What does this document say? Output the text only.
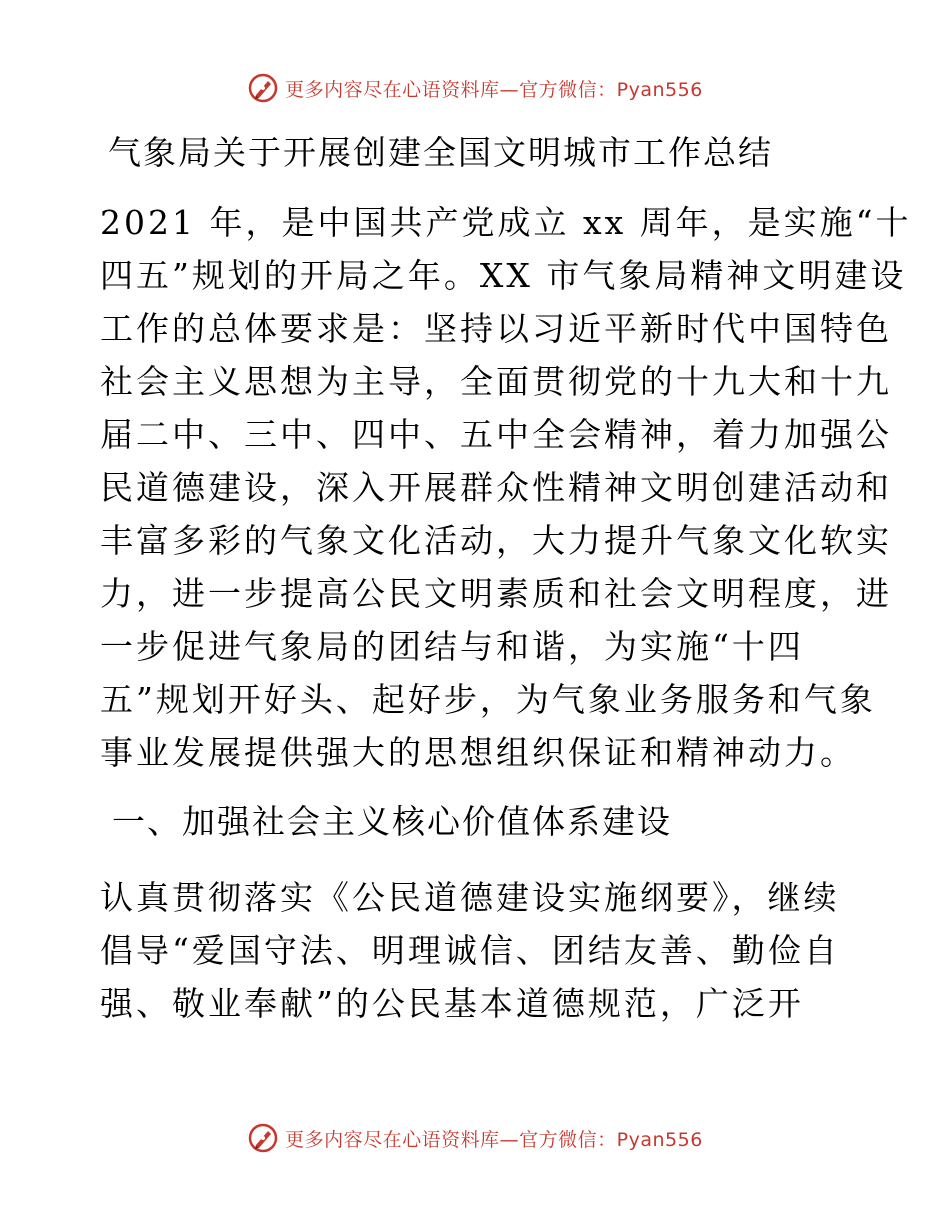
更多内容尽在心语资料库—官方微信：Pyan556
气象局关于开展创建全国文明城市工作总结

2021 年，是中国共产党成立 xx 周年，是实施“十
四五”规划的开局之年。XX 市气象局精神文明建设
工作的总体要求是：坚持以习近平新时代中国特色
社会主义思想为主导，全面贯彻党的十九大和十九
届二中、三中、四中、五中全会精神，着力加强公
民道德建设，深入开展群众性精神文明创建活动和
丰富多彩的气象文化活动，大力提升气象文化软实
力，进一步提高公民文明素质和社会文明程度，进
一步促进气象局的团结与和谐，为实施“十四
五”规划开好头、起好步，为气象业务服务和气象
事业发展提供强大的思想组织保证和精神动力。

一、加强社会主义核心价值体系建设

认真贯彻落实《公民道德建设实施纲要》，继续
倡导“爱国守法、明理诚信、团结友善、勤俭自
强、敬业奉献”的公民基本道德规范，广泛开

更多内容尽在心语资料库—官方微信：Pyan556
